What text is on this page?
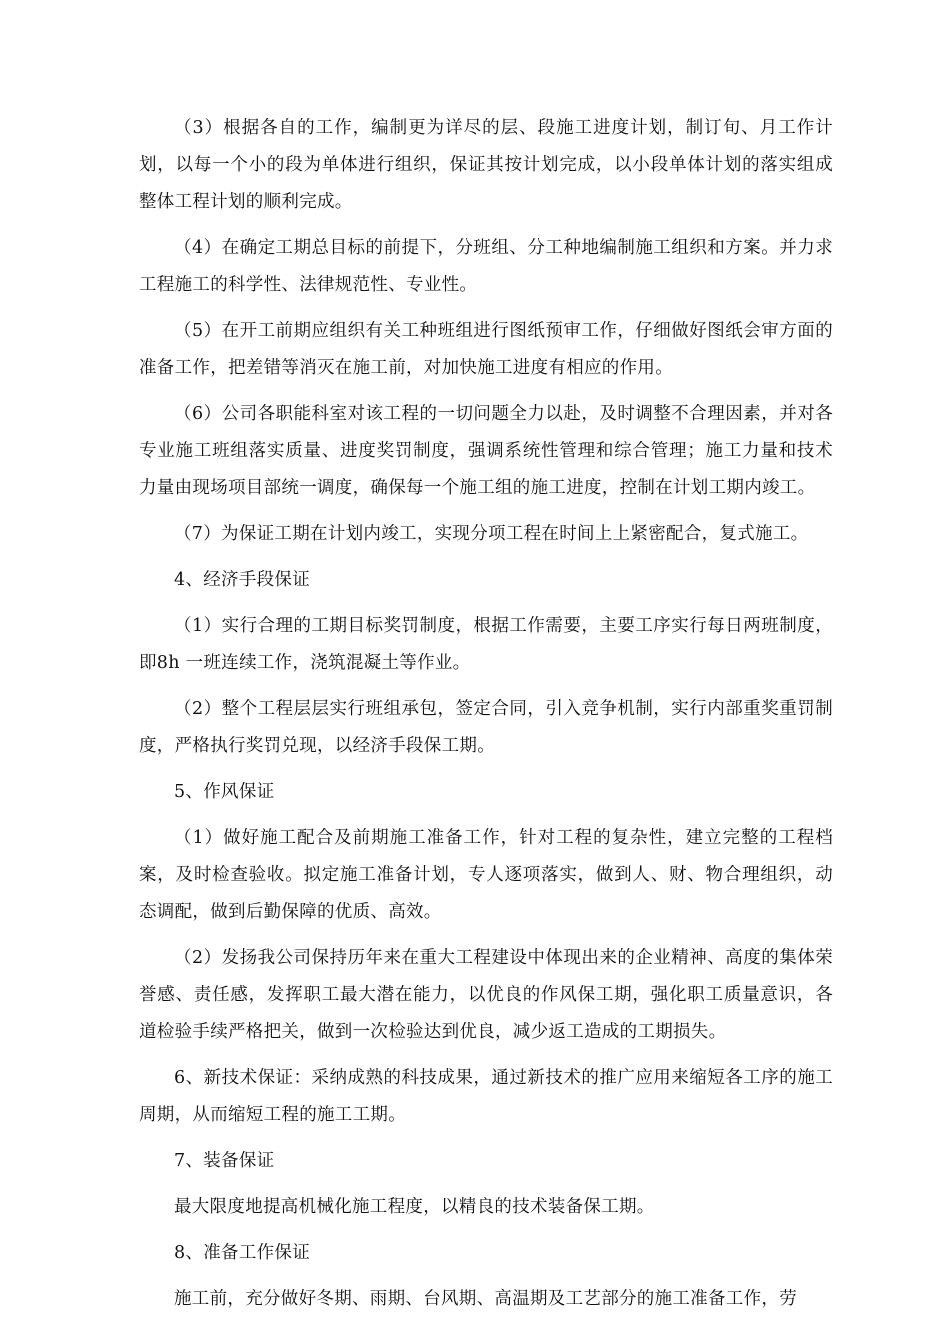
（3）根据各自的工作，编制更为详尽的层、段施工进度计划，制订旬、月工作计划，以每一个小的段为单体进行组织，保证其按计划完成，以小段单体计划的落实组成整体工程计划的顺利完成。

（4）在确定工期总目标的前提下，分班组、分工种地编制施工组织和方案。并力求工程施工的科学性、法律规范性、专业性。

（5）在开工前期应组织有关工种班组进行图纸预审工作，仔细做好图纸会审方面的准备工作，把差错等消灭在施工前，对加快施工进度有相应的作用。

（6）公司各职能科室对该工程的一切问题全力以赴，及时调整不合理因素，并对各专业施工班组落实质量、进度奖罚制度，强调系统性管理和综合管理；施工力量和技术力量由现场项目部统一调度，确保每一个施工组的施工进度，控制在计划工期内竣工。

（7）为保证工期在计划内竣工，实现分项工程在时间上上紧密配合，复式施工。

4、经济手段保证

（1）实行合理的工期目标奖罚制度，根据工作需要，主要工序实行每日两班制度，即8h 一班连续工作，浇筑混凝土等作业。

（2）整个工程层层实行班组承包，签定合同，引入竞争机制，实行内部重奖重罚制度，严格执行奖罚兑现，以经济手段保工期。

5、作风保证

（1）做好施工配合及前期施工准备工作，针对工程的复杂性，建立完整的工程档案，及时检查验收。拟定施工准备计划，专人逐项落实，做到人、财、物合理组织，动态调配，做到后勤保障的优质、高效。

（2）发扬我公司保持历年来在重大工程建设中体现出来的企业精神、高度的集体荣誉感、责任感，发挥职工最大潜在能力，以优良的作风保工期，强化职工质量意识，各道检验手续严格把关，做到一次检验达到优良，减少返工造成的工期损失。

6、新技术保证：采纳成熟的科技成果，通过新技术的推广应用来缩短各工序的施工周期，从而缩短工程的施工工期。

7、装备保证

最大限度地提高机械化施工程度，以精良的技术装备保工期。

8、准备工作保证

施工前，充分做好冬期、雨期、台风期、高温期及工艺部分的施工准备工作，劳
